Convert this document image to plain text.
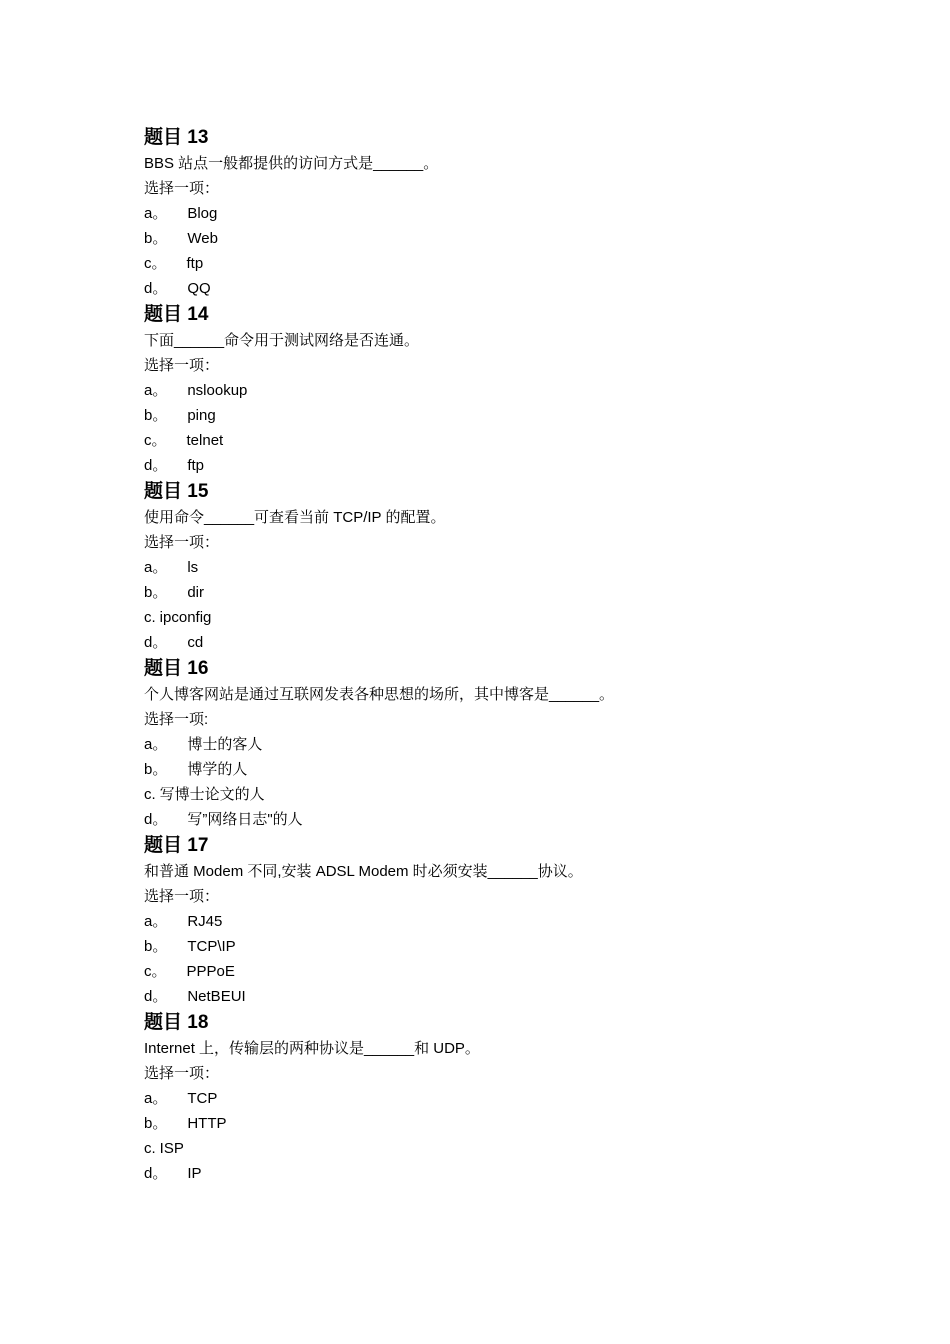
题目 13
BBS 站点一般都提供的访问方式是______。
选择一项：
a。 Blog
b。 Web
c。 ftp
d。 QQ
题目 14
下面______命令用于测试网络是否连通。
选择一项：
a。 nslookup
b。 ping
c。 telnet
d。 ftp
题目 15
使用命令______可查看当前 TCP/IP 的配置。
选择一项：
a。 ls
b。 dir
c. ipconfig
d。 cd
题目 16
个人博客网站是通过互联网发表各种思想的场所，其中博客是______。
选择一项:
a。 博士的客人
b。 博学的人
c. 写博士论文的人
d。 写”网络日志"的人
题目 17
和普通 Modem 不同,安装 ADSL Modem 时必须安装______协议。
选择一项：
a。 RJ45
b。 TCP\IP
c。 PPPoE
d。 NetBEUI
题目 18
Internet 上，传输层的两种协议是______和 UDP。
选择一项：
a。 TCP
b。 HTTP
c. ISP
d。 IP
